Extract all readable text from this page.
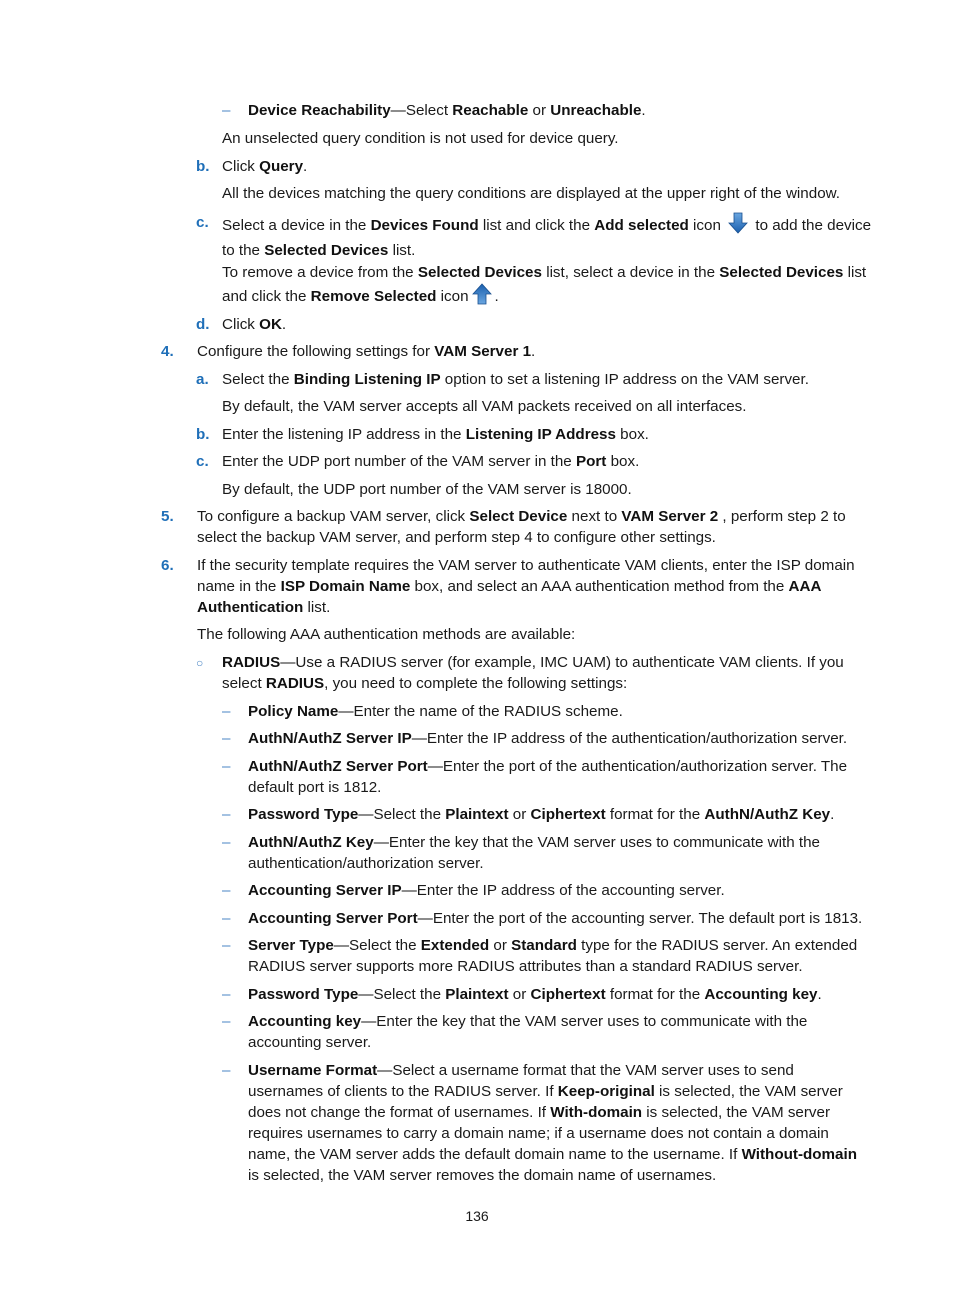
– Device Reachability—Select Reachable or Unreachable.
An unselected query condition is not used for device query.
b. Click Query.
All the devices matching the query conditions are displayed at the upper right of the window.
c. Select a device in the Devices Found list and click the Add selected icon  to add the device to the Selected Devices list.
To remove a device from the Selected Devices list, select a device in the Selected Devices list and click the Remove Selected icon .
d. Click OK.
4. Configure the following settings for VAM Server 1.
a. Select the Binding Listening IP option to set a listening IP address on the VAM server.
By default, the VAM server accepts all VAM packets received on all interfaces.
b. Enter the listening IP address in the Listening IP Address box.
c. Enter the UDP port number of the VAM server in the Port box.
By default, the UDP port number of the VAM server is 18000.
5. To configure a backup VAM server, click Select Device next to VAM Server 2 , perform step 2 to select the backup VAM server, and perform step 4 to configure other settings.
6. If the security template requires the VAM server to authenticate VAM clients, enter the ISP domain name in the ISP Domain Name box, and select an AAA authentication method from the AAA Authentication list.
The following AAA authentication methods are available:
○ RADIUS—Use a RADIUS server (for example, IMC UAM) to authenticate VAM clients. If you select RADIUS, you need to complete the following settings:
– Policy Name—Enter the name of the RADIUS scheme.
– AuthN/AuthZ Server IP—Enter the IP address of the authentication/authorization server.
– AuthN/AuthZ Server Port—Enter the port of the authentication/authorization server. The default port is 1812.
– Password Type—Select the Plaintext or Ciphertext format for the AuthN/AuthZ Key.
– AuthN/AuthZ Key—Enter the key that the VAM server uses to communicate with the authentication/authorization server.
– Accounting Server IP—Enter the IP address of the accounting server.
– Accounting Server Port—Enter the port of the accounting server. The default port is 1813.
– Server Type—Select the Extended or Standard type for the RADIUS server. An extended RADIUS server supports more RADIUS attributes than a standard RADIUS server.
– Password Type—Select the Plaintext or Ciphertext format for the Accounting key.
– Accounting key—Enter the key that the VAM server uses to communicate with the accounting server.
– Username Format—Select a username format that the VAM server uses to send usernames of clients to the RADIUS server. If Keep-original is selected, the VAM server does not change the format of usernames. If With-domain is selected, the VAM server requires usernames to carry a domain name; if a username does not contain a domain name, the VAM server adds the default domain name to the username. If Without-domain is selected, the VAM server removes the domain name of usernames.
136
